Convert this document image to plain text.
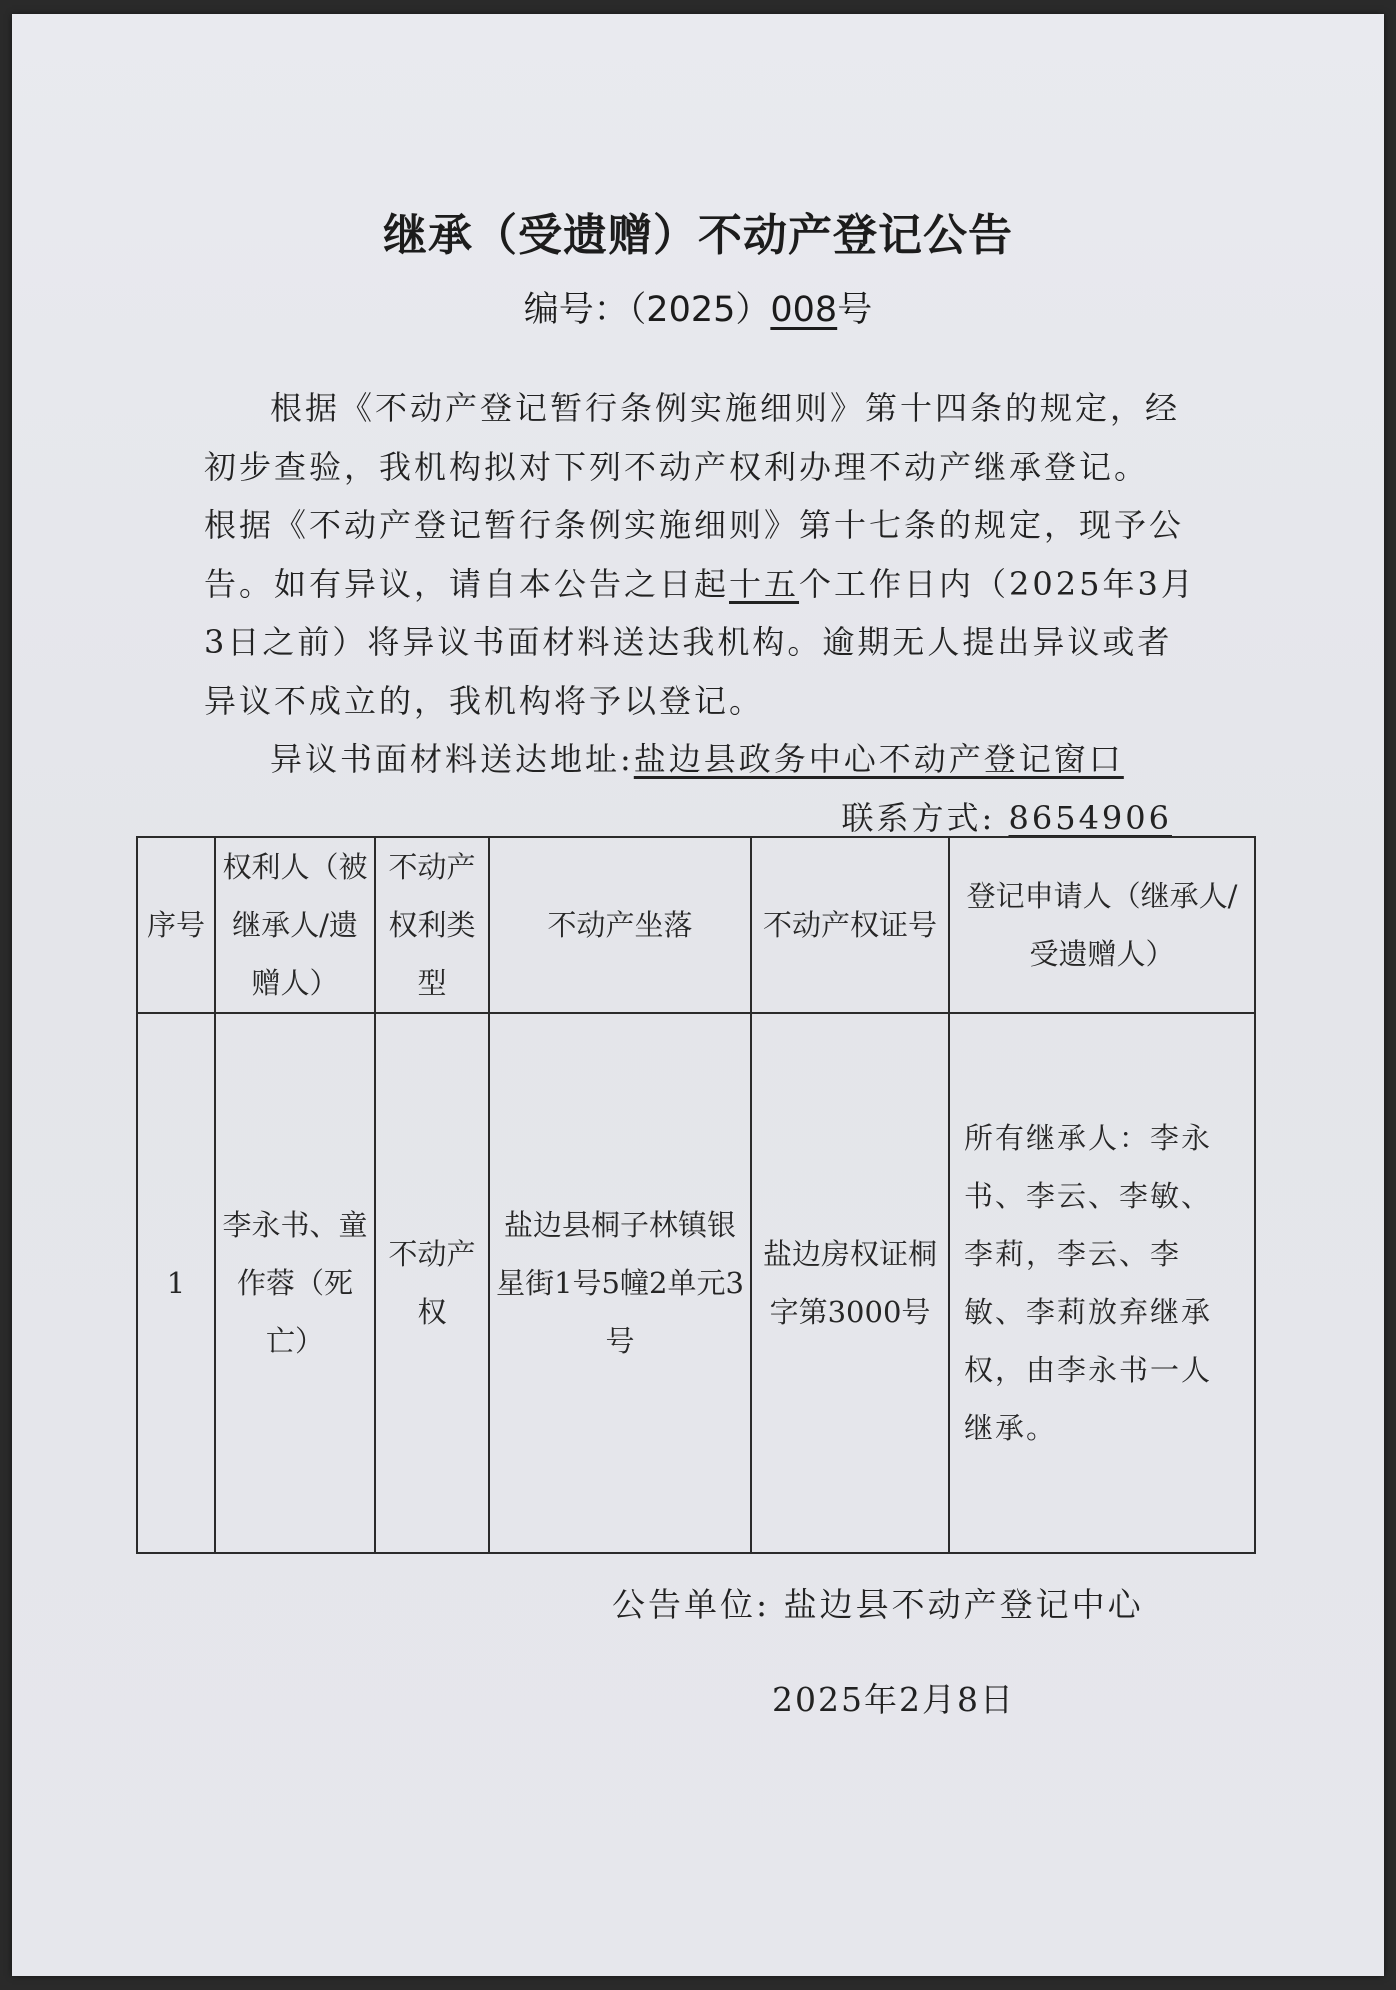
继承（受遗赠）不动产登记公告
编号：（2025）008号

根据《不动产登记暂行条例实施细则》第十四条的规定，经初步查验，我机构拟对下列不动产权利办理不动产继承登记。

根据《不动产登记暂行条例实施细则》第十七条的规定，现予公告。如有异议，请自本公告之日起十五个工作日内（2025年3月3日之前）将异议书面材料送达我机构。逾期无人提出异议或者异议不成立的，我机构将予以登记。

异议书面材料送达地址:盐边县政务中心不动产登记窗口

联系方式: 8654906

序号	权利人（被继承人/遗赠人）	不动产权利类型	不动产坐落	不动产权证号	登记申请人（继承人/受遗赠人）
1	李永书、童作蓉（死亡）	不动产权	盐边县桐子林镇银星街1号5幢2单元3号	盐边房权证桐字第3000号	所有继承人：李永书、李云、李敏、李莉，李云、李敏、李莉放弃继承权，由李永书一人继承。
公告单位: 盐边县不动产登记中心
2025年2月8日
